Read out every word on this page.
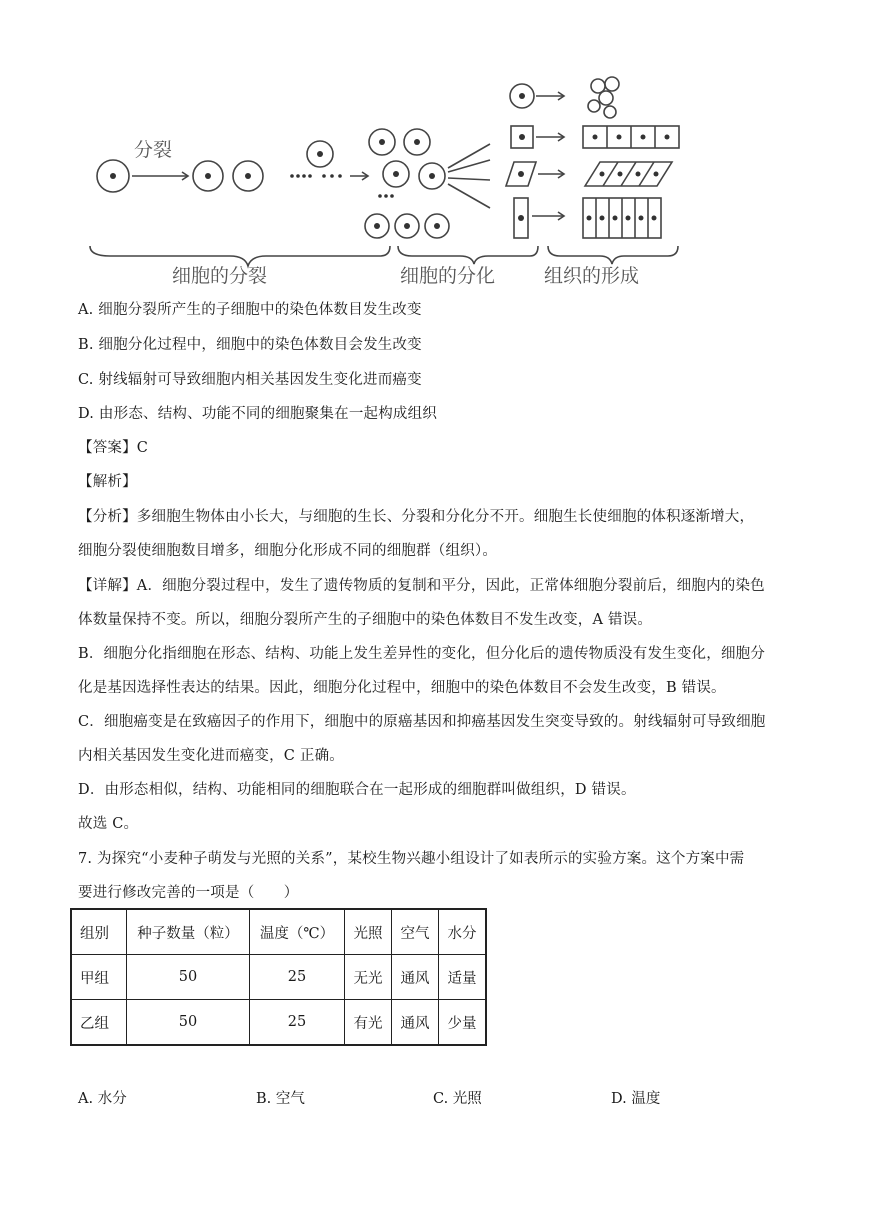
分裂
细胞的分裂	细胞的分化	组织的形成
A. 细胞分裂所产生的子细胞中的染色体数目发生改变
B. 细胞分化过程中，细胞中的染色体数目会发生改变
C. 射线辐射可导致细胞内相关基因发生变化进而癌变
D. 由形态、结构、功能不同的细胞聚集在一起构成组织
【答案】C
【解析】
【分析】多细胞生物体由小长大，与细胞的生长、分裂和分化分不开。细胞生长使细胞的体积逐渐增大，
细胞分裂使细胞数目增多，细胞分化形成不同的细胞群（组织）。
【详解】A．细胞分裂过程中，发生了遗传物质的复制和平分，因此，正常体细胞分裂前后，细胞内的染色
体数量保持不变。所以，细胞分裂所产生的子细胞中的染色体数目不发生改变，A 错误。
B．细胞分化指细胞在形态、结构、功能上发生差异性的变化，但分化后的遗传物质没有发生变化，细胞分
化是基因选择性表达的结果。因此，细胞分化过程中，细胞中的染色体数目不会发生改变，B 错误。
C．细胞癌变是在致癌因子的作用下，细胞中的原癌基因和抑癌基因发生突变导致的。射线辐射可导致细胞
内相关基因发生变化进而癌变，C 正确。
D．由形态相似，结构、功能相同的细胞联合在一起形成的细胞群叫做组织，D 错误。
故选 C。
7. 为探究“小麦种子萌发与光照的关系”，某校生物兴趣小组设计了如表所示的实验方案。这个方案中需
要进行修改完善的一项是（　　）
组别	种子数量（粒）	温度（℃）	光照	空气	水分
甲组	50	25	无光	通风	适量
乙组	50	25	有光	通风	少量
A. 水分	B. 空气	C. 光照	D. 温度
